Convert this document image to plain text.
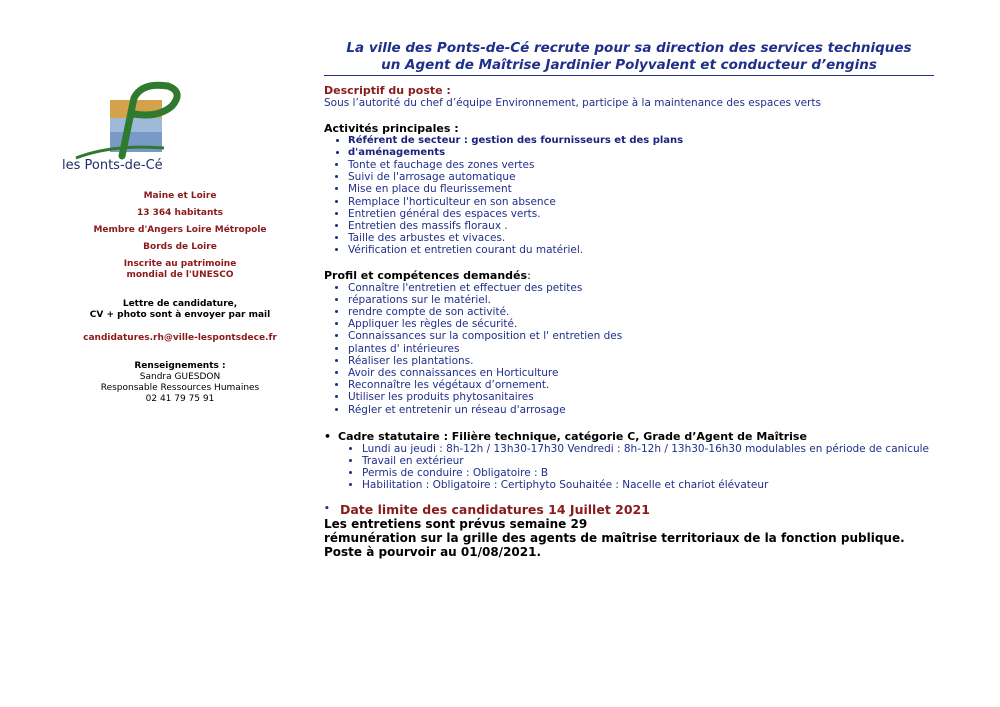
les Ponts-de-Cé
Maine et Loire
13 364 habitants
Membre d'Angers Loire Métropole
Bords de Loire
Inscrite au patrimoine
mondial de l'UNESCO
Lettre de candidature,
CV + photo sont à envoyer par mail
candidatures.rh@ville-lespontsdece.fr
Renseignements :
Sandra GUESDON
Responsable Ressources Humaines
02 41 79 75 91
La ville des Ponts-de-Cé recrute pour sa direction des services techniques
un Agent de Maîtrise Jardinier Polyvalent et conducteur d’engins
Descriptif du poste :
Sous l’autorité du chef d’équipe Environnement, participe à la maintenance des espaces verts
Activités principales :
• Référent de secteur : gestion des fournisseurs et des plans
• d'aménagements
• Tonte et fauchage des zones vertes
• Suivi de l'arrosage automatique
• Mise en place du fleurissement
• Remplace l'horticulteur en son absence
• Entretien général des espaces verts.
• Entretien des massifs floraux .
• Taille des arbustes et vivaces.
• Vérification et entretien courant du matériel.
Profil et compétences demandés:
• Connaître l'entretien et effectuer des petites
• réparations sur le matériel.
• rendre compte de son activité.
• Appliquer les règles de sécurité.
• Connaissances sur la composition et l' entretien des
• plantes d' intérieures
• Réaliser les plantations.
• Avoir des connaissances en Horticulture
• Reconnaître les végétaux d’ornement.
• Utiliser les produits phytosanitaires
• Régler et entretenir un réseau d'arrosage
• Cadre statutaire : Filière technique, catégorie C, Grade d’Agent de Maîtrise
• Lundi au jeudi : 8h-12h / 13h30-17h30 Vendredi : 8h-12h / 13h30-16h30 modulables en période de canicule
• Travail en extérieur
• Permis de conduire : Obligatoire : B
• Habilitation : Obligatoire : Certiphyto Souhaitée : Nacelle et chariot élévateur
• Date limite des candidatures 14 Juillet 2021
Les entretiens sont prévus semaine 29
rémunération sur la grille des agents de maîtrise territoriaux de la fonction publique. Poste à pourvoir au 01/08/2021.
